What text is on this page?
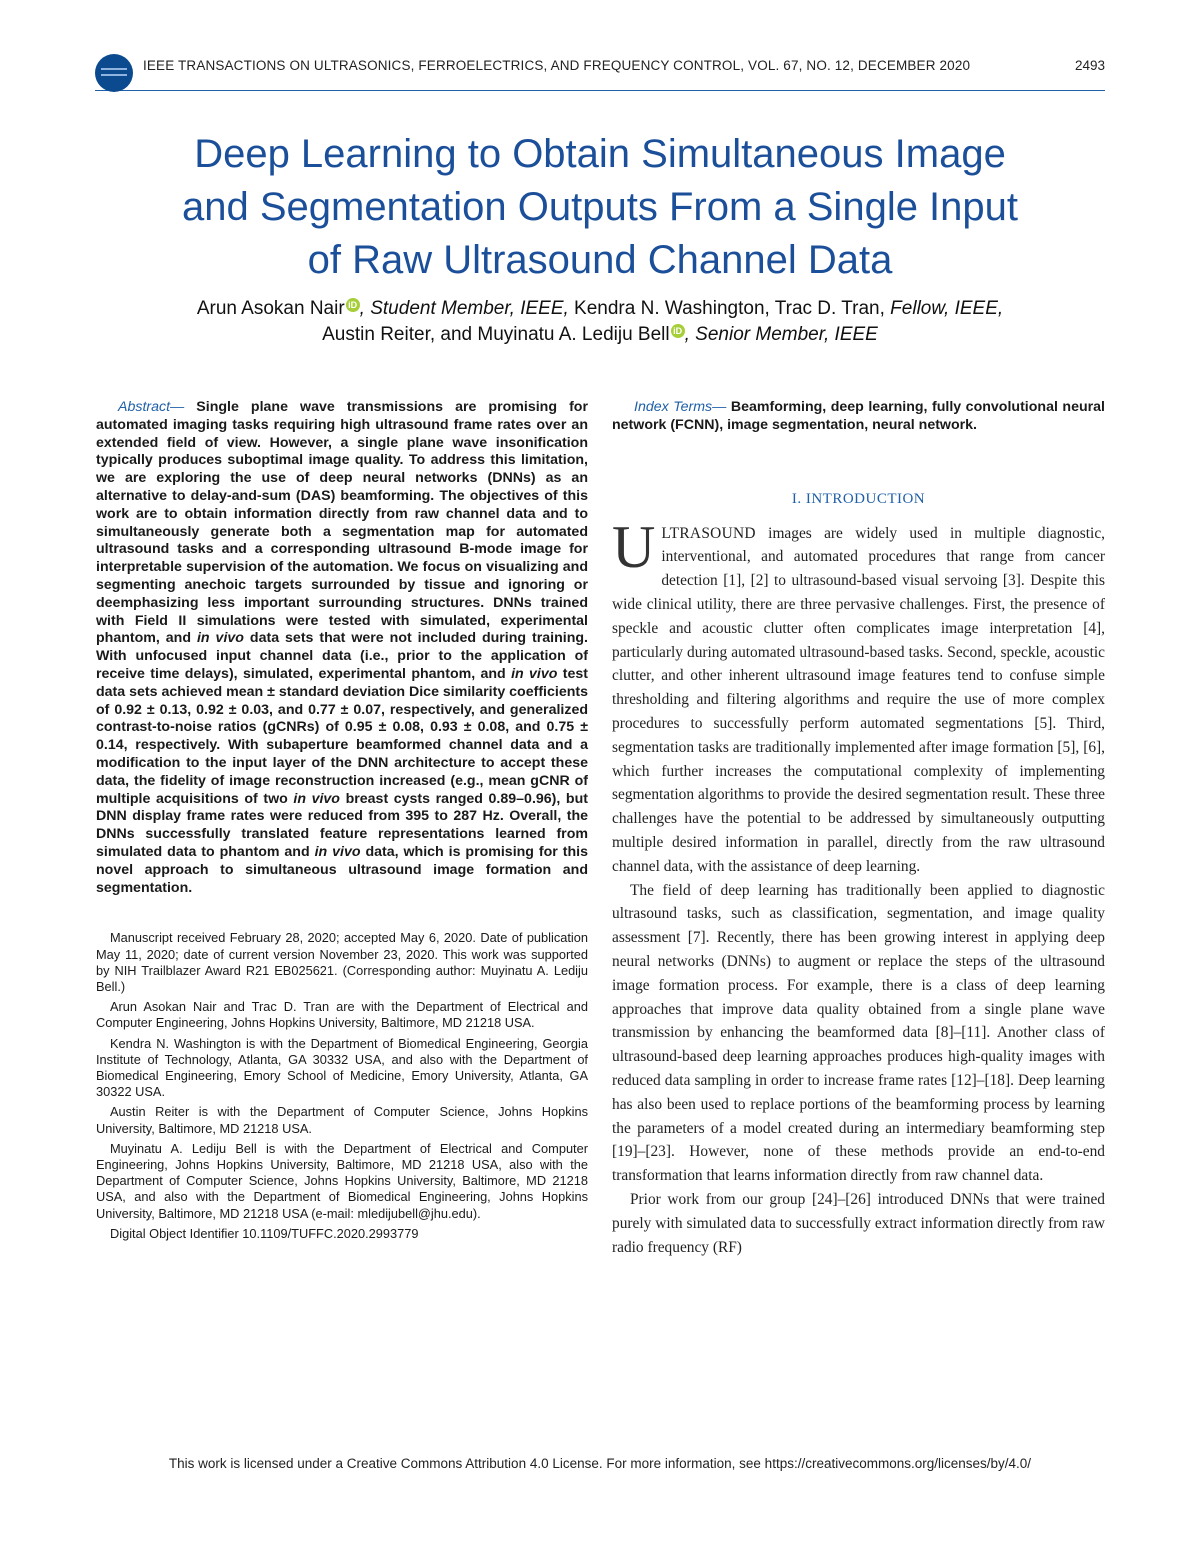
IEEE TRANSACTIONS ON ULTRASONICS, FERROELECTRICS, AND FREQUENCY CONTROL, VOL. 67, NO. 12, DECEMBER 2020	2493
Deep Learning to Obtain Simultaneous Image
and Segmentation Outputs From a Single Input
of Raw Ultrasound Channel Data
Arun Asokan Nair iD , Student Member, IEEE, Kendra N. Washington, Trac D. Tran, Fellow, IEEE,
Austin Reiter, and Muyinatu A. Lediju Bell iD , Senior Member, IEEE

Abstract— Single plane wave transmissions are promising for automated imaging tasks requiring high ultrasound frame rates over an extended field of view. However, a single plane wave insonification typically produces suboptimal image quality. To address this limitation, we are exploring the use of deep neural networks (DNNs) as an alternative to delay-and-sum (DAS) beamforming. The objectives of this work are to obtain information directly from raw channel data and to simultaneously generate both a segmentation map for automated ultrasound tasks and a corresponding ultrasound B-mode image for interpretable supervision of the automation. We focus on visualizing and segmenting anechoic targets surrounded by tissue and ignoring or deemphasizing less important surrounding structures. DNNs trained with Field II simulations were tested with simulated, experimental phantom, and in vivo data sets that were not included during training. With unfocused input channel data (i.e., prior to the application of receive time delays), simulated, experimental phantom, and in vivo test data sets achieved mean ± standard deviation Dice similarity coefficients of 0.92 ± 0.13, 0.92 ± 0.03, and 0.77 ± 0.07, respectively, and generalized contrast-to-noise ratios (gCNRs) of 0.95 ± 0.08, 0.93 ± 0.08, and 0.75 ± 0.14, respectively. With subaperture beamformed channel data and a modification to the input layer of the DNN architecture to accept these data, the fidelity of image reconstruction increased (e.g., mean gCNR of multiple acquisitions of two in vivo breast cysts ranged 0.89–0.96), but DNN display frame rates were reduced from 395 to 287 Hz. Overall, the DNNs successfully translated feature representations learned from simulated data to phantom and in vivo data, which is promising for this novel approach to simultaneous ultrasound image formation and segmentation.

Manuscript received February 28, 2020; accepted May 6, 2020. Date of publication May 11, 2020; date of current version November 23, 2020. This work was supported by NIH Trailblazer Award R21 EB025621. (Corresponding author: Muyinatu A. Lediju Bell.)

Arun Asokan Nair and Trac D. Tran are with the Department of Electrical and Computer Engineering, Johns Hopkins University, Baltimore, MD 21218 USA.

Kendra N. Washington is with the Department of Biomedical Engineering, Georgia Institute of Technology, Atlanta, GA 30332 USA, and also with the Department of Biomedical Engineering, Emory School of Medicine, Emory University, Atlanta, GA 30322 USA.

Austin Reiter is with the Department of Computer Science, Johns Hopkins University, Baltimore, MD 21218 USA.

Muyinatu A. Lediju Bell is with the Department of Electrical and Computer Engineering, Johns Hopkins University, Baltimore, MD 21218 USA, also with the Department of Computer Science, Johns Hopkins University, Baltimore, MD 21218 USA, and also with the Department of Biomedical Engineering, Johns Hopkins University, Baltimore, MD 21218 USA (e-mail: mledijubell@jhu.edu).

Digital Object Identifier 10.1109/TUFFC.2020.2993779

Index Terms— Beamforming, deep learning, fully convolutional neural network (FCNN), image segmentation, neural network.

I. INTRODUCTION

ULTRASOUND images are widely used in multiple diagnostic, interventional, and automated procedures that range from cancer detection [1], [2] to ultrasound-based visual servoing [3]. Despite this wide clinical utility, there are three pervasive challenges. First, the presence of speckle and acoustic clutter often complicates image interpretation [4], particularly during automated ultrasound-based tasks. Second, speckle, acoustic clutter, and other inherent ultrasound image features tend to confuse simple thresholding and filtering algorithms and require the use of more complex procedures to successfully perform automated segmentations [5]. Third, segmentation tasks are traditionally implemented after image formation [5], [6], which further increases the computational complexity of implementing segmentation algorithms to provide the desired segmentation result. These three challenges have the potential to be addressed by simultaneously outputting multiple desired information in parallel, directly from the raw ultrasound channel data, with the assistance of deep learning.

The field of deep learning has traditionally been applied to diagnostic ultrasound tasks, such as classification, segmentation, and image quality assessment [7]. Recently, there has been growing interest in applying deep neural networks (DNNs) to augment or replace the steps of the ultrasound image formation process. For example, there is a class of deep learning approaches that improve data quality obtained from a single plane wave transmission by enhancing the beamformed data [8]–[11]. Another class of ultrasound-based deep learning approaches produces high-quality images with reduced data sampling in order to increase frame rates [12]–[18]. Deep learning has also been used to replace portions of the beamforming process by learning the parameters of a model created during an intermediary beamforming step [19]–[23]. However, none of these methods provide an end-to-end transformation that learns information directly from raw channel data.

Prior work from our group [24]–[26] introduced DNNs that were trained purely with simulated data to successfully extract information directly from raw radio frequency (RF)

This work is licensed under a Creative Commons Attribution 4.0 License. For more information, see https://creativecommons.org/licenses/by/4.0/
